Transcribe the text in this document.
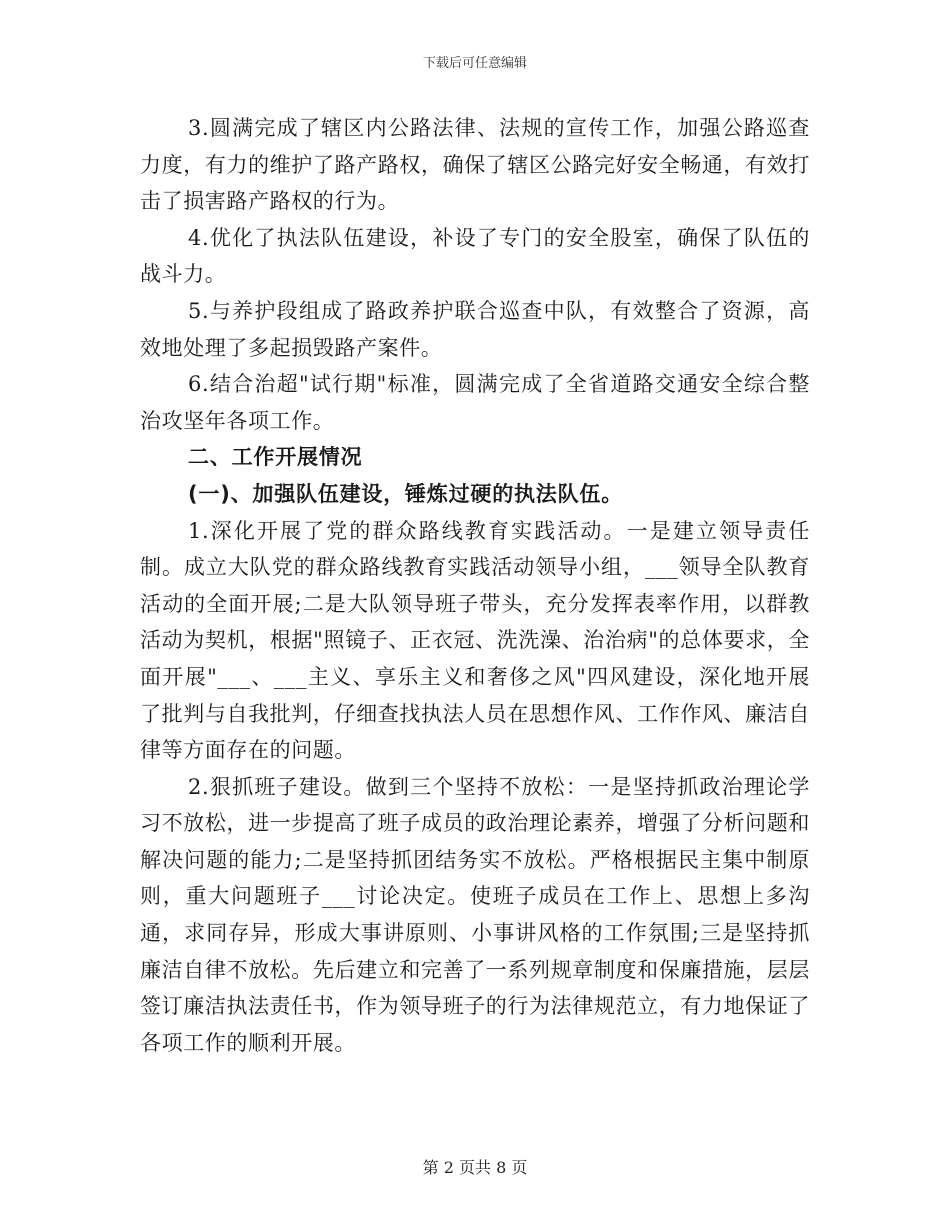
下载后可任意编辑

3.圆满完成了辖区内公路法律、法规的宣传工作，加强公路巡查力度，有力的维护了路产路权，确保了辖区公路完好安全畅通，有效打击了损害路产路权的行为。

4.优化了执法队伍建设，补设了专门的安全股室，确保了队伍的战斗力。

5.与养护段组成了路政养护联合巡查中队，有效整合了资源，高效地处理了多起损毁路产案件。

6.结合治超"试行期"标准，圆满完成了全省道路交通安全综合整治攻坚年各项工作。

二、工作开展情况

(一)、加强队伍建设，锤炼过硬的执法队伍。

1.深化开展了党的群众路线教育实践活动。一是建立领导责任制。成立大队党的群众路线教育实践活动领导小组，___领导全队教育活动的全面开展;二是大队领导班子带头，充分发挥表率作用，以群教活动为契机，根据"照镜子、正衣冠、洗洗澡、治治病"的总体要求，全面开展"___、___主义、享乐主义和奢侈之风"四风建设，深化地开展了批判与自我批判，仔细查找执法人员在思想作风、工作作风、廉洁自律等方面存在的问题。

2.狠抓班子建设。做到三个坚持不放松：一是坚持抓政治理论学习不放松，进一步提高了班子成员的政治理论素养，增强了分析问题和解决问题的能力;二是坚持抓团结务实不放松。严格根据民主集中制原则，重大问题班子___讨论决定。使班子成员在工作上、思想上多沟通，求同存异，形成大事讲原则、小事讲风格的工作氛围;三是坚持抓廉洁自律不放松。先后建立和完善了一系列规章制度和保廉措施，层层签订廉洁执法责任书，作为领导班子的行为法律规范立，有力地保证了各项工作的顺利开展。

第 2 页共 8 页
